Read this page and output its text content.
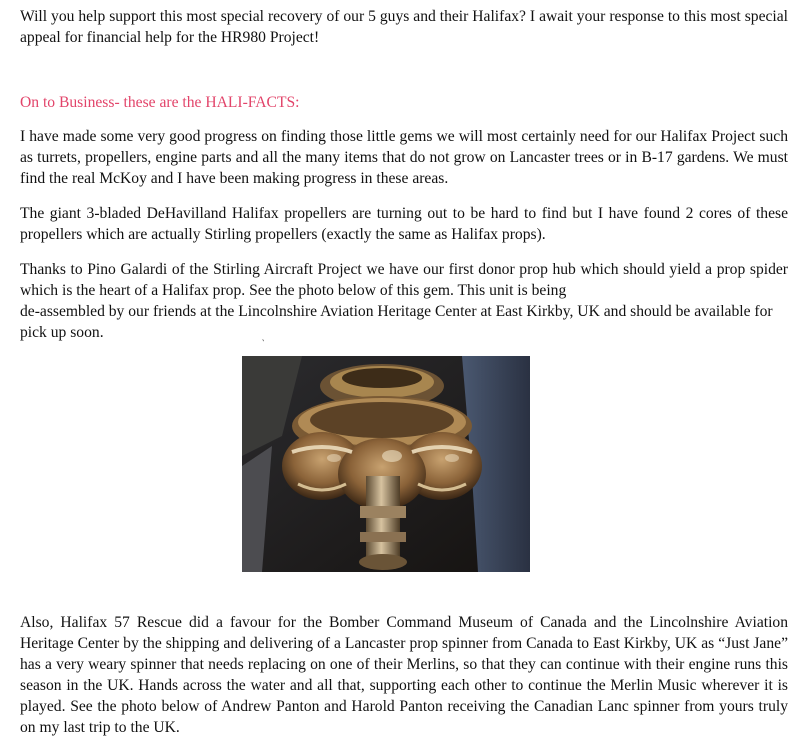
Will you help support this most special recovery of our 5 guys and their Halifax? I await your response to this most special appeal for financial help for the HR980 Project!

On to Business- these are the HALI-FACTS:

I have made some very good progress on finding those little gems we will most certainly need for our Halifax Project such as turrets, propellers, engine parts and all the many items that do not grow on Lancaster trees or in B-17 gardens. We must find the real McKoy and I have been making progress in these areas.

The giant 3-bladed DeHavilland Halifax propellers are turning out to be hard to find but I have found 2 cores of these propellers which are actually Stirling propellers (exactly the same as Halifax props).

Thanks to Pino Galardi of the Stirling Aircraft Project we have our first donor prop hub which should yield a prop spider which is the heart of a Halifax prop. See the photo below of this gem. This unit is being

de-assembled by our friends at the Lincolnshire Aviation Heritage Center at East Kirkby, UK and should be available for pick up soon.

‵

Also, Halifax 57 Rescue did a favour for the Bomber Command Museum of Canada and the Lincolnshire Aviation Heritage Center by the shipping and delivering of a Lancaster prop spinner from Canada to East Kirkby, UK as “Just Jane” has a very weary spinner that needs replacing on one of their Merlins, so that they can continue with their engine runs this season in the UK. Hands across the water and all that, supporting each other to continue the Merlin Music wherever it is played. See the photo below of Andrew Panton and Harold Panton receiving the Canadian Lanc spinner from yours truly on my last trip to the UK.
